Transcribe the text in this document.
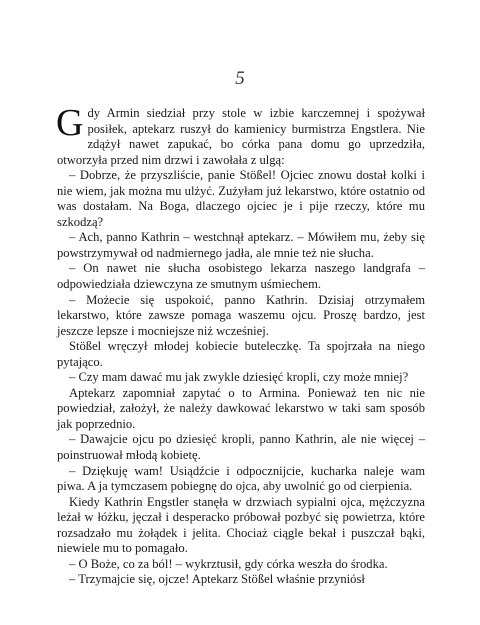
5

Gdy Armin siedział przy stole w izbie karczemnej i spożywał posiłek, aptekarz ruszył do kamienicy burmistrza Engstlera. Nie zdążył nawet zapukać, bo córka pana domu go uprzedziła, otworzyła przed nim drzwi i zawołała z ulgą:

– Dobrze, że przyszliście, panie Stößel! Ojciec znowu dostał kolki i nie wiem, jak można mu ulżyć. Zużyłam już lekarstwo, które ostatnio od was dostałam. Na Boga, dlaczego ojciec je i pije rzeczy, które mu szkodzą?

– Ach, panno Kathrin – westchnął aptekarz. – Mówiłem mu, żeby się powstrzymywał od nadmiernego jadła, ale mnie też nie słucha.

– On nawet nie słucha osobistego lekarza naszego landgrafa – odpowiedziała dziewczyna ze smutnym uśmiechem.

– Możecie się uspokoić, panno Kathrin. Dzisiaj otrzymałem lekarstwo, które zawsze pomaga waszemu ojcu. Proszę bardzo, jest jeszcze lepsze i mocniejsze niż wcześniej.

Stößel wręczył młodej kobiecie buteleczkę. Ta spojrzała na niego pytająco.

– Czy mam dawać mu jak zwykle dziesięć kropli, czy może mniej?

Aptekarz zapomniał zapytać o to Armina. Ponieważ ten nic nie powiedział, założył, że należy dawkować lekarstwo w taki sam sposób jak poprzednio.

– Dawajcie ojcu po dziesięć kropli, panno Kathrin, ale nie więcej – poinstruował młodą kobietę.

– Dziękuję wam! Usiądźcie i odpocznijcie, kucharka naleje wam piwa. A ja tymczasem pobiegnę do ojca, aby uwolnić go od cierpienia.

Kiedy Kathrin Engstler stanęła w drzwiach sypialni ojca, mężczyzna leżał w łóżku, jęczał i desperacko próbował pozbyć się powietrza, które rozsadzało mu żołądek i jelita. Chociaż ciągle bekał i puszczał bąki, niewiele mu to pomagało.

– O Boże, co za ból! – wykrztusił, gdy córka weszła do środka.

– Trzymajcie się, ojcze! Aptekarz Stößel właśnie przyniósł
